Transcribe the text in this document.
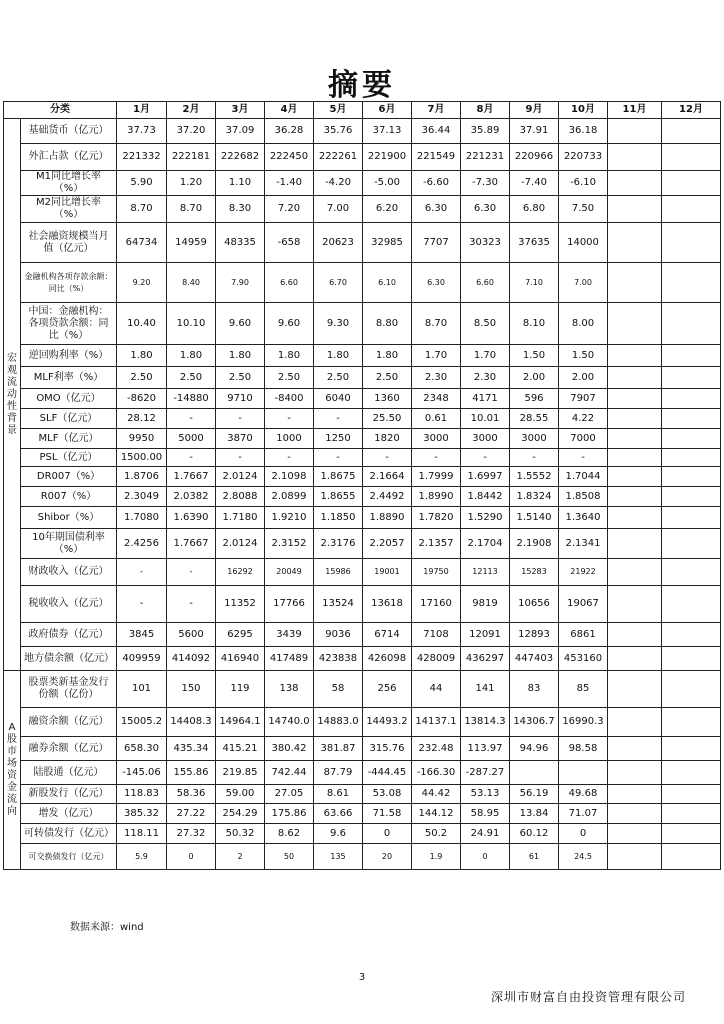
摘要
分类		1月	2月	3月	4月	5月	6月	7月	8月	9月	10月	11月	12月
宏观流动性背景	基础货币（亿元）	37.73	37.20	37.09	36.28	35.76	37.13	36.44	35.89	37.91	36.18		
	外汇占款（亿元）	221332	222181	222682	222450	222261	221900	221549	221231	220966	220733		
	M1同比增长率（%）	5.90	1.20	1.10	-1.40	-4.20	-5.00	-6.60	-7.30	-7.40	-6.10		
	M2同比增长率（%）	8.70	8.70	8.30	7.20	7.00	6.20	6.30	6.30	6.80	7.50		
	社会融资规模当月值（亿元）	64734	14959	48335	-658	20623	32985	7707	30323	37635	14000		
	金融机构各项存款余额：同比（%）	9.20	8.40	7.90	6.60	6.70	6.10	6.30	6.60	7.10	7.00		
	中国：金融机构：各项贷款余额：同比（%）	10.40	10.10	9.60	9.60	9.30	8.80	8.70	8.50	8.10	8.00		
	逆回购利率（%）	1.80	1.80	1.80	1.80	1.80	1.80	1.70	1.70	1.50	1.50		
	MLF利率（%）	2.50	2.50	2.50	2.50	2.50	2.50	2.30	2.30	2.00	2.00		
	OMO（亿元）	-8620	-14880	9710	-8400	6040	1360	2348	4171	596	7907		
	SLF（亿元）	28.12	-	-	-	-	25.50	0.61	10.01	28.55	4.22		
	MLF（亿元）	9950	5000	3870	1000	1250	1820	3000	3000	3000	7000		
	PSL（亿元）	1500.00	-	-	-	-	-	-	-	-	-		
	DR007（%）	1.8706	1.7667	2.0124	2.1098	1.8675	2.1664	1.7999	1.6997	1.5552	1.7044		
	R007（%）	2.3049	2.0382	2.8088	2.0899	1.8655	2.4492	1.8990	1.8442	1.8324	1.8508		
	Shibor（%）	1.7080	1.6390	1.7180	1.9210	1.1850	1.8890	1.7820	1.5290	1.5140	1.3640		
	10年期国债利率（%）	2.4256	1.7667	2.0124	2.3152	2.3176	2.2057	2.1357	2.1704	2.1908	2.1341		
	财政收入（亿元）	-	-	16292	20049	15986	19001	19750	12113	15283	21922		
	税收收入（亿元）	-	-	11352	17766	13524	13618	17160	9819	10656	19067		
	政府债券（亿元）	3845	5600	6295	3439	9036	6714	7108	12091	12893	6861		
	地方债余额（亿元）	409959	414092	416940	417489	423838	426098	428009	436297	447403	453160		
A股市场资金流向	股票类新基金发行份额（亿份）	101	150	119	138	58	256	44	141	83	85		
	融资余额（亿元）	15005.2	14408.3	14964.1	14740.0	14883.0	14493.2	14137.1	13814.3	14306.7	16990.3		
	融券余额（亿元）	658.30	435.34	415.21	380.42	381.87	315.76	232.48	113.97	94.96	98.58		
	陆股通（亿元）	-145.06	155.86	219.85	742.44	87.79	-444.45	-166.30	-287.27				
	新股发行（亿元）	118.83	58.36	59.00	27.05	8.61	53.08	44.42	53.13	56.19	49.68		
	增发（亿元）	385.32	27.22	254.29	175.86	63.66	71.58	144.12	58.95	13.84	71.07		
	可转债发行（亿元）	118.11	27.32	50.32	8.62	9.6	0	50.2	24.91	60.12	0		
	可交换债发行（亿元）	5.9	0	2	50	135	20	1.9	0	61	24.5		
数据来源：wind
3
深圳市财富自由投资管理有限公司
